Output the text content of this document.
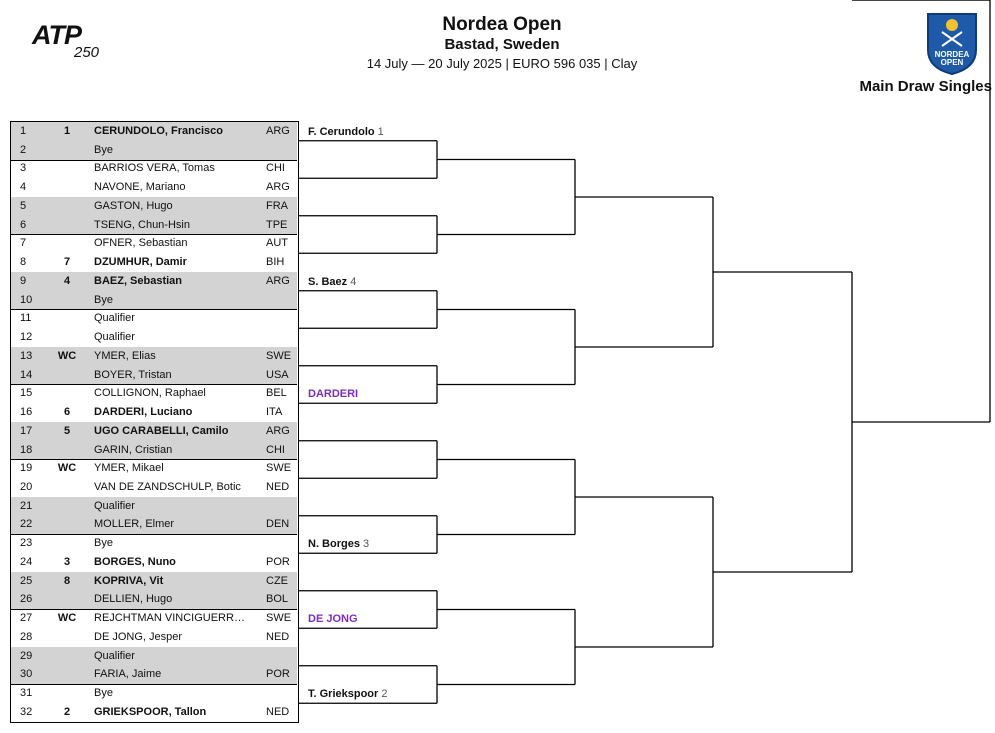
ATP
250
Nordea Open
Bastad, Sweden
14 July — 20 July 2025 | EURO 596 035 | Clay
NORDEA
OPEN
Main Draw Singles
1	1	CERUNDOLO, Francisco	ARG
2	Bye
3	BARRIOS VERA, Tomas	CHI
4	NAVONE, Mariano	ARG
5	GASTON, Hugo	FRA
6	TSENG, Chun-Hsin	TPE
7	OFNER, Sebastian	AUT
8	7	DZUMHUR, Damir	BIH
9	4	BAEZ, Sebastian	ARG
10	Bye
11	Qualifier
12	Qualifier
13	WC	YMER, Elias	SWE
14	BOYER, Tristan	USA
15	COLLIGNON, Raphael	BEL
16	6	DARDERI, Luciano	ITA
17	5	UGO CARABELLI, Camilo	ARG
18	GARIN, Cristian	CHI
19	WC	YMER, Mikael	SWE
20	VAN DE ZANDSCHULP, Botic	NED
21	Qualifier
22	MOLLER, Elmer	DEN
23	Bye
24	3	BORGES, Nuno	POR
25	8	KOPRIVA, Vit	CZE
26	DELLIEN, Hugo	BOL
27	WC	REJCHTMAN VINCIGUERR…	SWE
28	DE JONG, Jesper	NED
29	Qualifier
30	FARIA, Jaime	POR
31	Bye
32	2	GRIEKSPOOR, Tallon	NED
F. Cerundolo 1
S. Baez 4
DARDERI
N. Borges 3
DE JONG
T. Griekspoor 2
